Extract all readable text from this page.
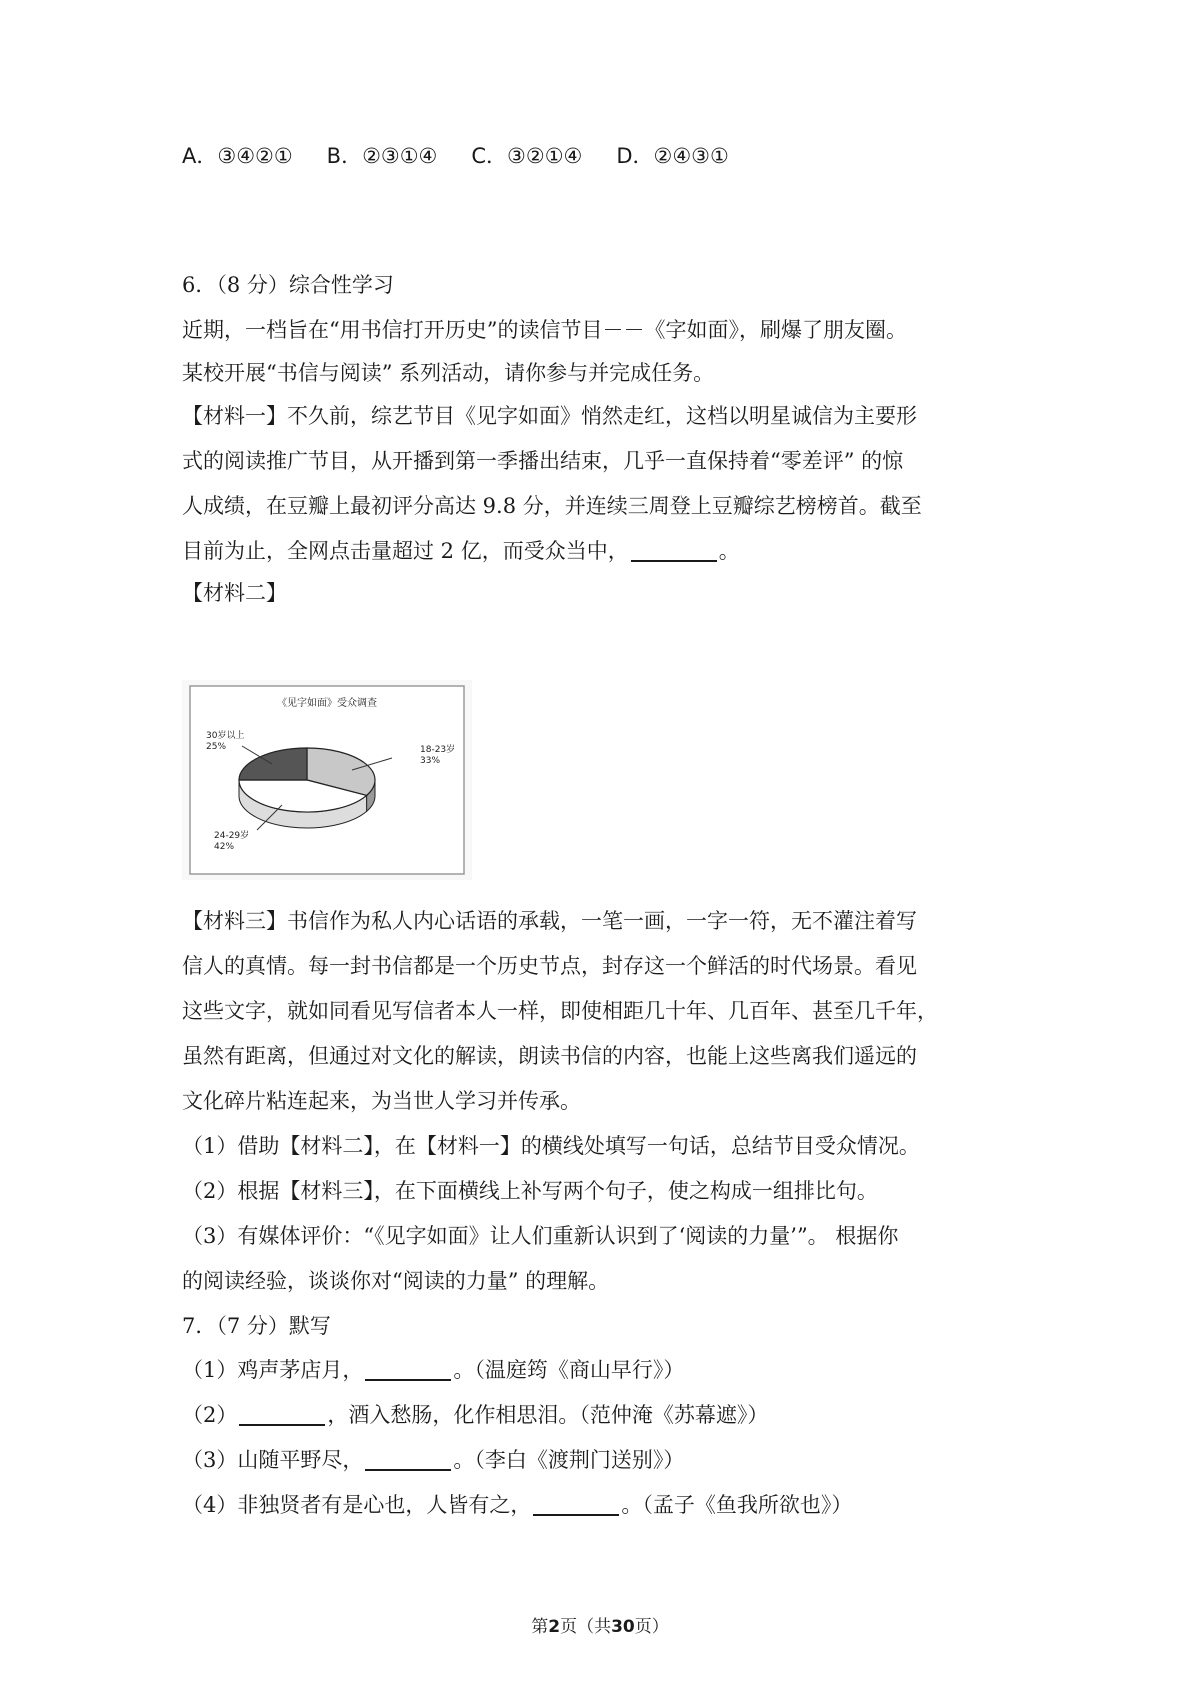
A．③④②① B．②③①④ C．③②①④ D．②④③①
6．（8 分）综合性学习
近期，一档旨在“用书信打开历史”的读信节目－－《字如面》，刷爆了朋友圈。
某校开展“书信与阅读” 系列活动，请你参与并完成任务。
【材料一】不久前，综艺节目《见字如面》悄然走红，这档以明星诚信为主要形
式的阅读推广节目，从开播到第一季播出结束，几乎一直保持着“零差评” 的惊
人成绩，在豆瓣上最初评分高达 9.8 分，并连续三周登上豆瓣综艺榜榜首。截至
目前为止，全网点击量超过 2 亿，而受众当中，	。
【材料二】
《见字如面》受众调查
18-23岁
33%
24-29岁
42%
30岁以上
25%
【材料三】书信作为私人内心话语的承载，一笔一画，一字一符，无不灌注着写
信人的真情。每一封书信都是一个历史节点，封存这一个鲜活的时代场景。看见
这些文字，就如同看见写信者本人一样，即使相距几十年、几百年、甚至几千年，
虽然有距离，但通过对文化的解读，朗读书信的内容，也能上这些离我们遥远的
文化碎片粘连起来，为当世人学习并传承。
（1）借助【材料二】，在【材料一】的横线处填写一句话，总结节目受众情况。
（2）根据【材料三】，在下面横线上补写两个句子，使之构成一组排比句。
（3）有媒体评价：“《见字如面》让人们重新认识到了‘阅读的力量’”。 根据你
的阅读经验，谈谈你对“阅读的力量” 的理解。
7．（7 分）默写
（1）鸡声茅店月，	。（温庭筠《商山早行》）
（2）	，酒入愁肠，化作相思泪。（范仲淹《苏幕遮》）
（3）山随平野尽，	。（李白《渡荆门送别》）
（4）非独贤者有是心也，人皆有之，	。（孟子《鱼我所欲也》）
第2页（共30页）
